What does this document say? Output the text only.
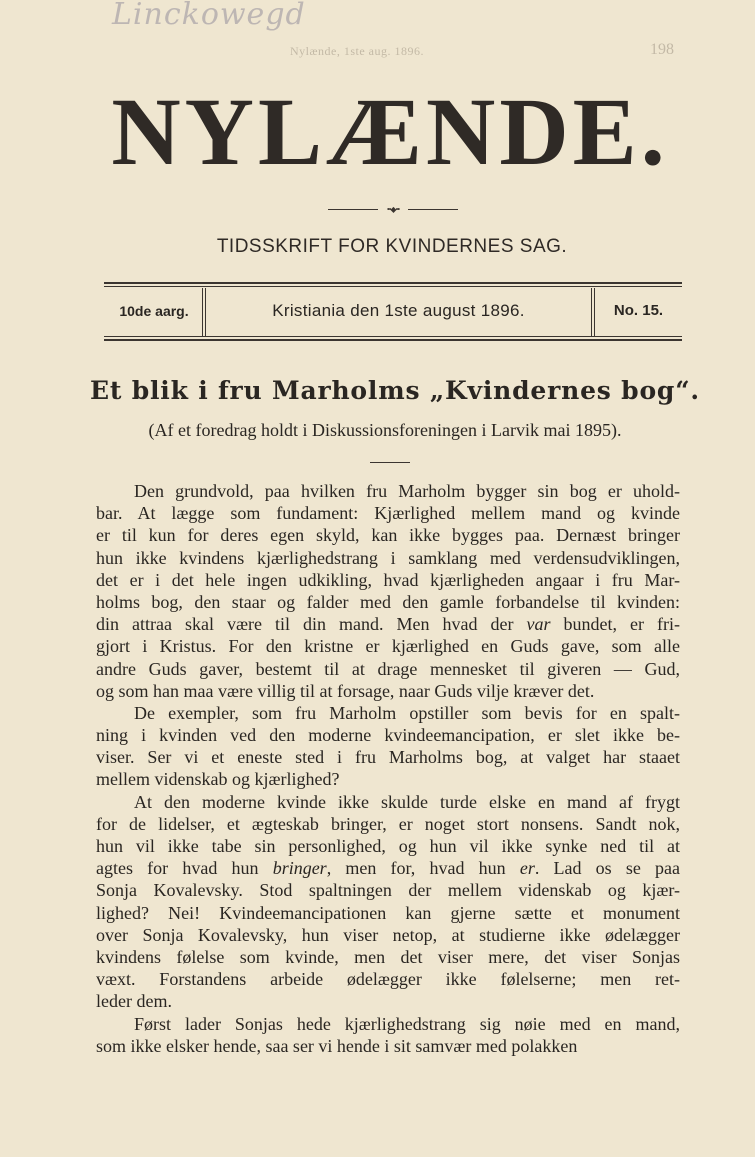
Linckowegd
Nylænde, 1ste aug. 1896.	198
NYLÆNDE.
••◆••
TIDSSKRIFT FOR KVINDERNES SAG.
10de aarg.	Kristiania den 1ste august 1896.	No. 15.
Et blik i fru Marholms „Kvindernes bog“.
(Af et foredrag holdt i Diskussionsforeningen i Larvik mai 1895).
Den grundvold, paa hvilken fru Marholm bygger sin bog er uhold-
bar. At lægge som fundament: Kjærlighed mellem mand og kvinde
er til kun for deres egen skyld, kan ikke bygges paa. Dernæst bringer
hun ikke kvindens kjærlighedstrang i samklang med verdensudviklingen,
det er i det hele ingen udkikling, hvad kjærligheden angaar i fru Mar-
holms bog, den staar og falder med den gamle forbandelse til kvinden:
din attraa skal være til din mand. Men hvad der var bundet, er fri-
gjort i Kristus. For den kristne er kjærlighed en Guds gave, som alle
andre Guds gaver, bestemt til at drage mennesket til giveren — Gud,
og som han maa være villig til at forsage, naar Guds vilje kræver det.
De exempler, som fru Marholm opstiller som bevis for en spalt-
ning i kvinden ved den moderne kvindeemancipation, er slet ikke be-
viser. Ser vi et eneste sted i fru Marholms bog, at valget har staaet
mellem videnskab og kjærlighed?
At den moderne kvinde ikke skulde turde elske en mand af frygt
for de lidelser, et ægteskab bringer, er noget stort nonsens. Sandt nok,
hun vil ikke tabe sin personlighed, og hun vil ikke synke ned til at
agtes for hvad hun bringer, men for, hvad hun er. Lad os se paa
Sonja Kovalevsky. Stod spaltningen der mellem videnskab og kjær-
lighed? Nei! Kvindeemancipationen kan gjerne sætte et monument
over Sonja Kovalevsky, hun viser netop, at studierne ikke ødelægger
kvindens følelse som kvinde, men det viser mere, det viser Sonjas
væxt. Forstandens arbeide ødelægger ikke følelserne; men ret-
leder dem.
Først lader Sonjas hede kjærlighedstrang sig nøie med en mand,
som ikke elsker hende, saa ser vi hende i sit samvær med polakken
